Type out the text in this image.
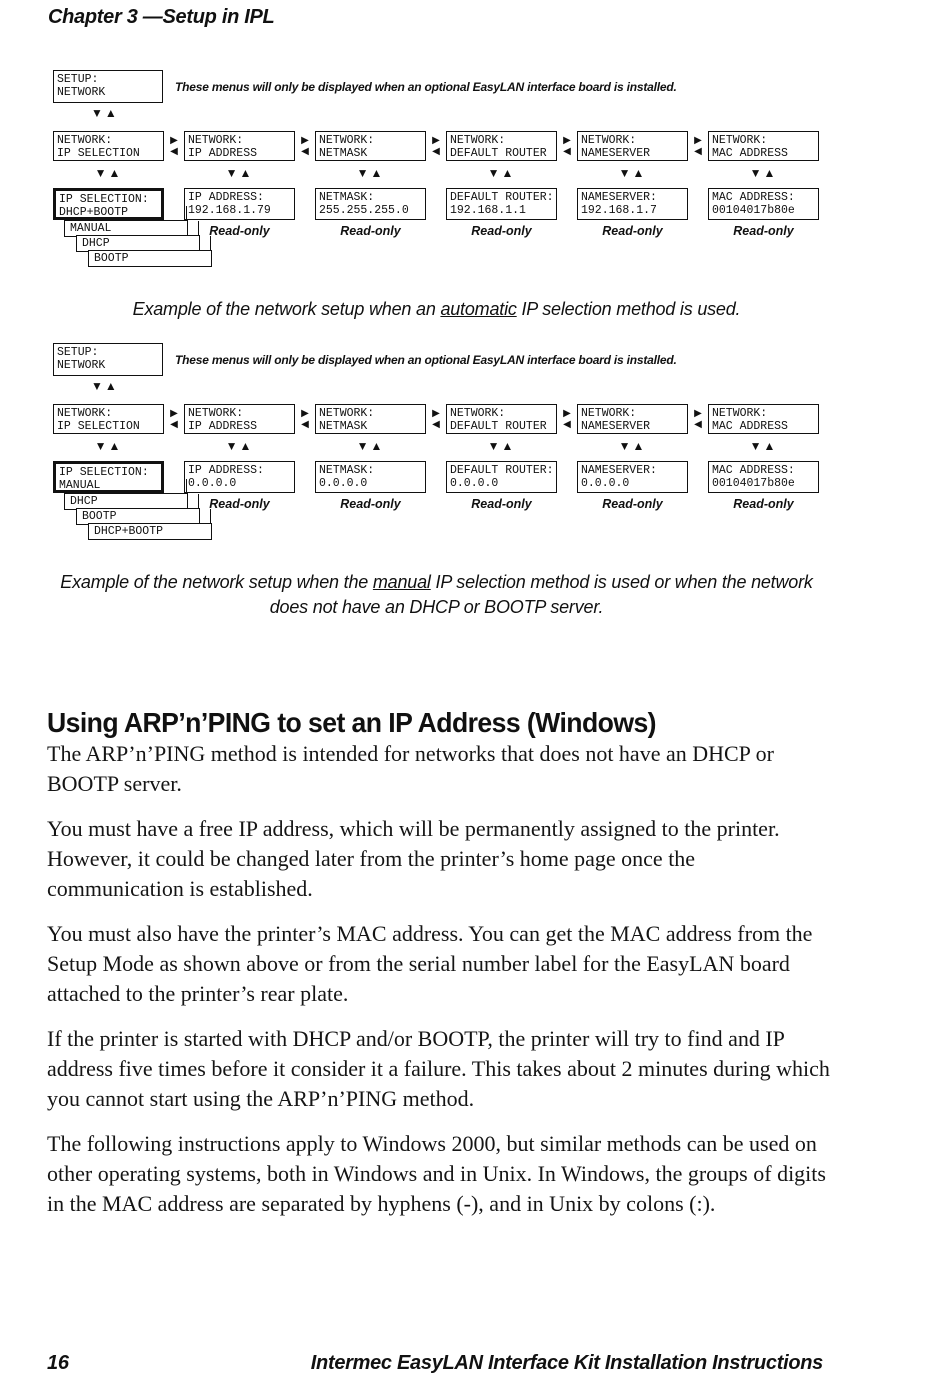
Chapter 3 —Setup in IPL
SETUP:
NETWORK	These menus will only be displayed when an optional EasyLAN interface board is installed.
▼▲
NETWORK:
IP SELECTION
NETWORK:
IP ADDRESS
NETWORK:
NETMASK
NETWORK:
DEFAULT ROUTER
NETWORK:
NAMESERVER
NETWORK:
MAC ADDRESS
▶
◀
▶
◀
▶
◀
▶
◀
▶
◀
▼▲	▼▲	▼▲	▼▲	▼▲	▼▲
IP SELECTION:
DHCP+BOOTP
IP ADDRESS:
192.168.1.79
NETMASK:
255.255.255.0
DEFAULT ROUTER:
192.168.1.1
NAMESERVER:
192.168.1.7
MAC ADDRESS:
00104017b80e
Read-only	Read-only	Read-only	Read-only	Read-only
MANUAL
DHCP
BOOTP

Example of the network setup when an automatic IP selection method is used.

SETUP:
NETWORK	These menus will only be displayed when an optional EasyLAN interface board is installed.
▼▲
NETWORK:
IP SELECTION
NETWORK:
IP ADDRESS
NETWORK:
NETMASK
NETWORK:
DEFAULT ROUTER
NETWORK:
NAMESERVER
NETWORK:
MAC ADDRESS
▶
◀
▶
◀
▶
◀
▶
◀
▶
◀
▼▲	▼▲	▼▲	▼▲	▼▲	▼▲
IP SELECTION:
MANUAL
IP ADDRESS:
0.0.0.0
NETMASK:
0.0.0.0
DEFAULT ROUTER:
0.0.0.0
NAMESERVER:
0.0.0.0
MAC ADDRESS:
00104017b80e
Read-only	Read-only	Read-only	Read-only	Read-only
DHCP
BOOTP
DHCP+BOOTP

Example of the network setup when the manual IP selection method is used or when the network does not have an DHCP or BOOTP server.

Using ARP’n’PING to set an IP Address (Windows)

The ARP’n’PING method is intended for networks that does not have an DHCP or BOOTP server.

You must have a free IP address, which will be permanently assigned to the printer. However, it could be changed later from the printer’s home page once the communication is established.

You must also have the printer’s MAC address. You can get the MAC address from the Setup Mode as shown above or from the serial number label for the EasyLAN board attached to the printer’s rear plate.

If the printer is started with DHCP and/or BOOTP, the printer will try to find and IP address five times before it consider it a failure. This takes about 2 minutes during which you cannot start using the ARP’n’PING method.

The following instructions apply to Windows 2000, but similar methods can be used on other operating systems, both in Windows and in Unix. In Windows, the groups of digits in the MAC address are separated by hyphens (-), and in Unix by colons (:).

16	Intermec EasyLAN Interface Kit Installation Instructions
